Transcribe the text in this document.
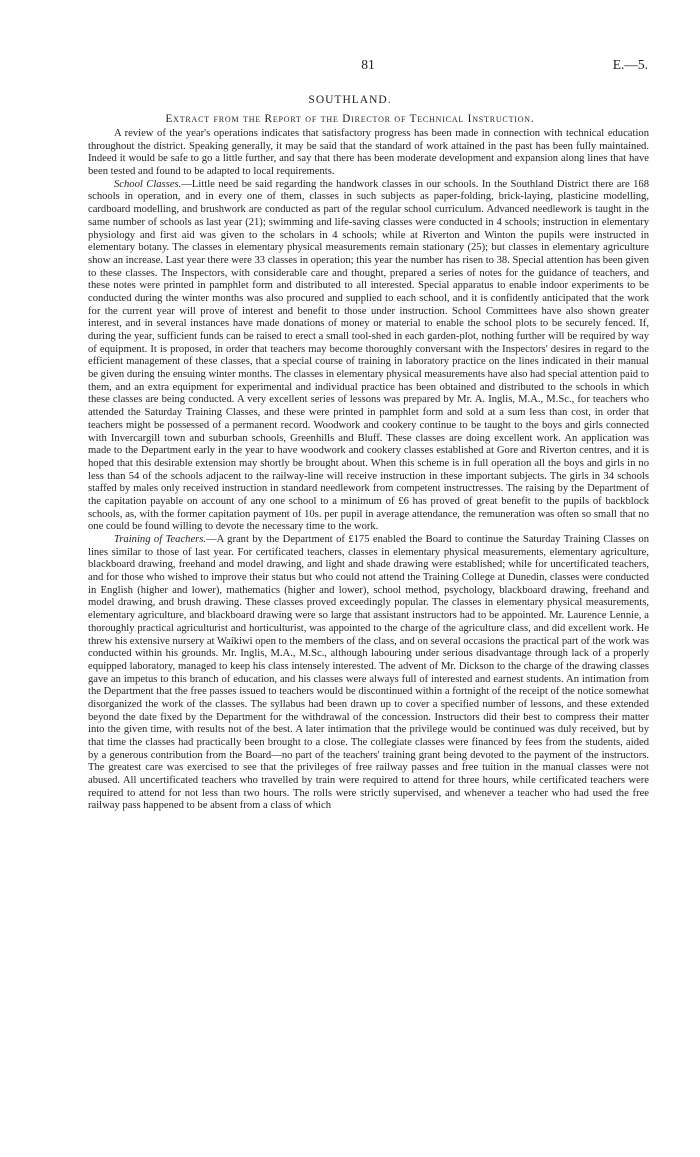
81	E.—5.
SOUTHLAND.
Extract from the Report of the Director of Technical Instruction.

A review of the year's operations indicates that satisfactory progress has been made in connection with technical education throughout the district. Speaking generally, it may be said that the standard of work attained in the past has been fully maintained. Indeed it would be safe to go a little further, and say that there has been moderate development and expansion along lines that have been tested and found to be adapted to local requirements.

School Classes.—Little need be said regarding the handwork classes in our schools. In the Southland District there are 168 schools in operation, and in every one of them, classes in such subjects as paper-folding, brick-laying, plasticine modelling, cardboard modelling, and brushwork are conducted as part of the regular school curriculum. Advanced needlework is taught in the same number of schools as last year (21); swimming and life-saving classes were conducted in 4 schools; instruction in elementary physiology and first aid was given to the scholars in 4 schools; while at Riverton and Winton the pupils were instructed in elementary botany. The classes in elementary physical measurements remain stationary (25); but classes in elementary agriculture show an increase. Last year there were 33 classes in operation; this year the number has risen to 38. Special attention has been given to these classes. The Inspectors, with considerable care and thought, prepared a series of notes for the guidance of teachers, and these notes were printed in pamphlet form and distributed to all interested. Special apparatus to enable indoor experiments to be conducted during the winter months was also procured and supplied to each school, and it is confidently anticipated that the work for the current year will prove of interest and benefit to those under instruction. School Committees have also shown greater interest, and in several instances have made donations of money or material to enable the school plots to be securely fenced. If, during the year, sufficient funds can be raised to erect a small tool-shed in each garden-plot, nothing further will be required by way of equipment. It is proposed, in order that teachers may become thoroughly conversant with the Inspectors' desires in regard to the efficient management of these classes, that a special course of training in laboratory practice on the lines indicated in their manual be given during the ensuing winter months. The classes in elementary physical measurements have also had special attention paid to them, and an extra equipment for experimental and individual practice has been obtained and distributed to the schools in which these classes are being conducted. A very excellent series of lessons was prepared by Mr. A. Inglis, M.A., M.Sc., for teachers who attended the Saturday Training Classes, and these were printed in pamphlet form and sold at a sum less than cost, in order that teachers might be possessed of a permanent record. Woodwork and cookery continue to be taught to the boys and girls connected with Invercargill town and suburban schools, Greenhills and Bluff. These classes are doing excellent work. An application was made to the Department early in the year to have woodwork and cookery classes established at Gore and Riverton centres, and it is hoped that this desirable extension may shortly be brought about. When this scheme is in full operation all the boys and girls in no less than 54 of the schools adjacent to the railway-line will receive instruction in these important subjects. The girls in 34 schools staffed by males only received instruction in standard needlework from competent instructresses. The raising by the Department of the capitation payable on account of any one school to a minimum of £6 has proved of great benefit to the pupils of backblock schools, as, with the former capitation payment of 10s. per pupil in average attendance, the remuneration was often so small that no one could be found willing to devote the necessary time to the work.

Training of Teachers.—A grant by the Department of £175 enabled the Board to continue the Saturday Training Classes on lines similar to those of last year. For certificated teachers, classes in elementary physical measurements, elementary agriculture, blackboard drawing, freehand and model drawing, and light and shade drawing were established; while for uncertificated teachers, and for those who wished to improve their status but who could not attend the Training College at Dunedin, classes were conducted in English (higher and lower), mathematics (higher and lower), school method, psychology, blackboard drawing, freehand and model drawing, and brush drawing. These classes proved exceedingly popular. The classes in elementary physical measurements, elementary agriculture, and blackboard drawing were so large that assistant instructors had to be appointed. Mr. Laurence Lennie, a thoroughly practical agriculturist and horticulturist, was appointed to the charge of the agriculture class, and did excellent work. He threw his extensive nursery at Waikiwi open to the members of the class, and on several occasions the practical part of the work was conducted within his grounds. Mr. Inglis, M.A., M.Sc., although labouring under serious disadvantage through lack of a properly equipped laboratory, managed to keep his class intensely interested. The advent of Mr. Dickson to the charge of the drawing classes gave an impetus to this branch of education, and his classes were always full of interested and earnest students. An intimation from the Department that the free passes issued to teachers would be discontinued within a fortnight of the receipt of the notice somewhat disorganized the work of the classes. The syllabus had been drawn up to cover a specified number of lessons, and these extended beyond the date fixed by the Department for the withdrawal of the concession. Instructors did their best to compress their matter into the given time, with results not of the best. A later intimation that the privilege would be continued was duly received, but by that time the classes had practically been brought to a close. The collegiate classes were financed by fees from the students, aided by a generous contribution from the Board—no part of the teachers' training grant being devoted to the payment of the instructors. The greatest care was exercised to see that the privileges of free railway passes and free tuition in the manual classes were not abused. All uncertificated teachers who travelled by train were required to attend for three hours, while certificated teachers were required to attend for not less than two hours. The rolls were strictly supervised, and whenever a teacher who had used the free railway pass happened to be absent from a class of which
